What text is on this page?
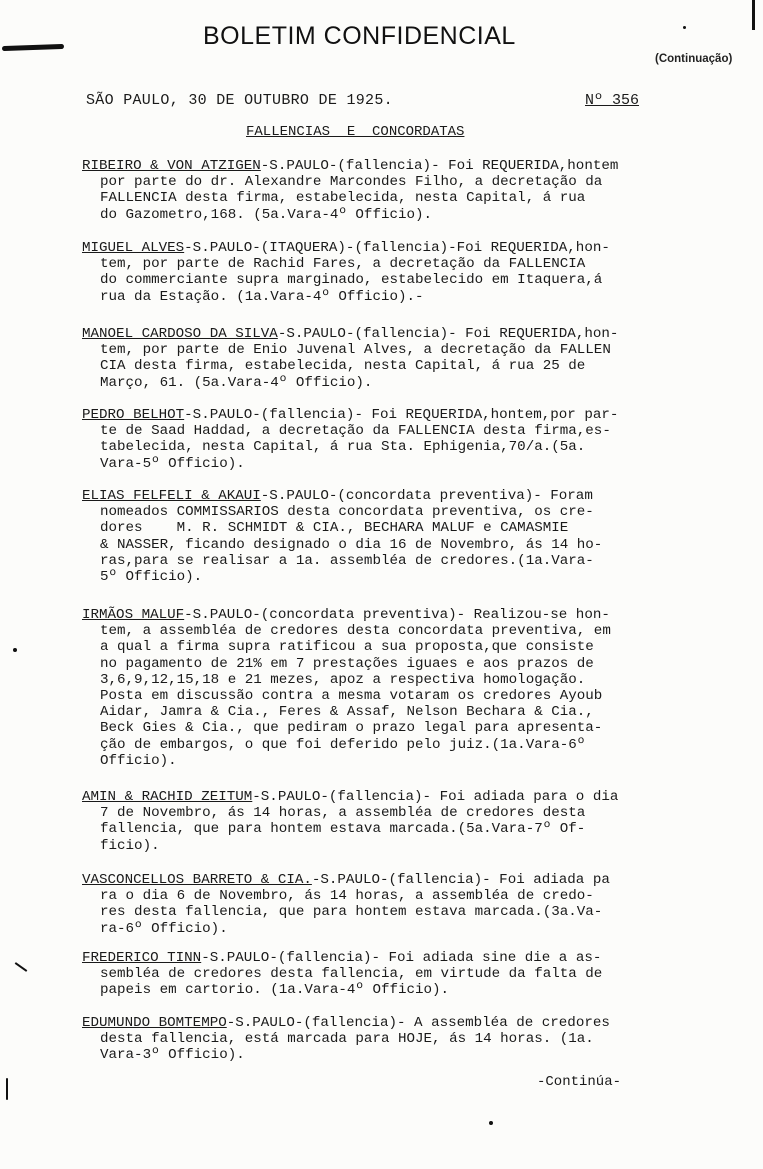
BOLETIM CONFIDENCIAL
(Continuação)
SÃO PAULO, 30 DE OUTUBRO DE 1925.	Nº 356
FALLENCIAS  E  CONCORDATAS
RIBEIRO & VON ATZIGEN-S.PAULO-(fallencia)- Foi REQUERIDA,hontem
por parte do dr. Alexandre Marcondes Filho, a decretação da
FALLENCIA desta firma, estabelecida, nesta Capital, á rua
do Gazometro,168. (5a.Vara-4º Officio).
MIGUEL ALVES-S.PAULO-(ITAQUERA)-(fallencia)-Foi REQUERIDA,hon-
tem, por parte de Rachid Fares, a decretação da FALLENCIA
do commerciante supra marginado, estabelecido em Itaquera,á
rua da Estação. (1a.Vara-4º Officio).-
MANOEL CARDOSO DA SILVA-S.PAULO-(fallencia)- Foi REQUERIDA,hon-
tem, por parte de Enio Juvenal Alves, a decretação da FALLEN
CIA desta firma, estabelecida, nesta Capital, á rua 25 de
Março, 61. (5a.Vara-4º Officio).
PEDRO BELHOT-S.PAULO-(fallencia)- Foi REQUERIDA,hontem,por par-
te de Saad Haddad, a decretação da FALLENCIA desta firma,es-
tabelecida, nesta Capital, á rua Sta. Ephigenia,70/a.(5a.
Vara-5º Officio).
ELIAS FELFELI & AKAUI-S.PAULO-(concordata preventiva)- Foram
nomeados COMMISSARIOS desta concordata preventiva, os cre-
dores    M. R. SCHMIDT & CIA., BECHARA MALUF e CAMASMIE
& NASSER, ficando designado o dia 16 de Novembro, ás 14 ho-
ras,para se realisar a 1a. assembléa de credores.(1a.Vara-
5º Officio).
IRMÃOS MALUF-S.PAULO-(concordata preventiva)- Realizou-se hon-
tem, a assembléa de credores desta concordata preventiva, em
a qual a firma supra ratificou a sua proposta,que consiste
no pagamento de 21% em 7 prestações iguaes e aos prazos de
3,6,9,12,15,18 e 21 mezes, apoz a respectiva homologação.
Posta em discussão contra a mesma votaram os credores Ayoub
Aidar, Jamra & Cia., Feres & Assaf, Nelson Bechara & Cia.,
Beck Gies & Cia., que pediram o prazo legal para apresenta-
ção de embargos, o que foi deferido pelo juiz.(1a.Vara-6º
Officio).
AMIN & RACHID ZEITUM-S.PAULO-(fallencia)- Foi adiada para o dia
7 de Novembro, ás 14 horas, a assembléa de credores desta
fallencia, que para hontem estava marcada.(5a.Vara-7º Of-
ficio).
VASCONCELLOS BARRETO & CIA.-S.PAULO-(fallencia)- Foi adiada pa
ra o dia 6 de Novembro, ás 14 horas, a assembléa de credo-
res desta fallencia, que para hontem estava marcada.(3a.Va-
ra-6º Officio).
FREDERICO TINN-S.PAULO-(fallencia)- Foi adiada sine die a as-
sembléa de credores desta fallencia, em virtude da falta de
papeis em cartorio. (1a.Vara-4º Officio).
EDUMUNDO BOMTEMPO-S.PAULO-(fallencia)- A assembléa de credores
desta fallencia, está marcada para HOJE, ás 14 horas. (1a.
Vara-3º Officio).
-Continúa-
